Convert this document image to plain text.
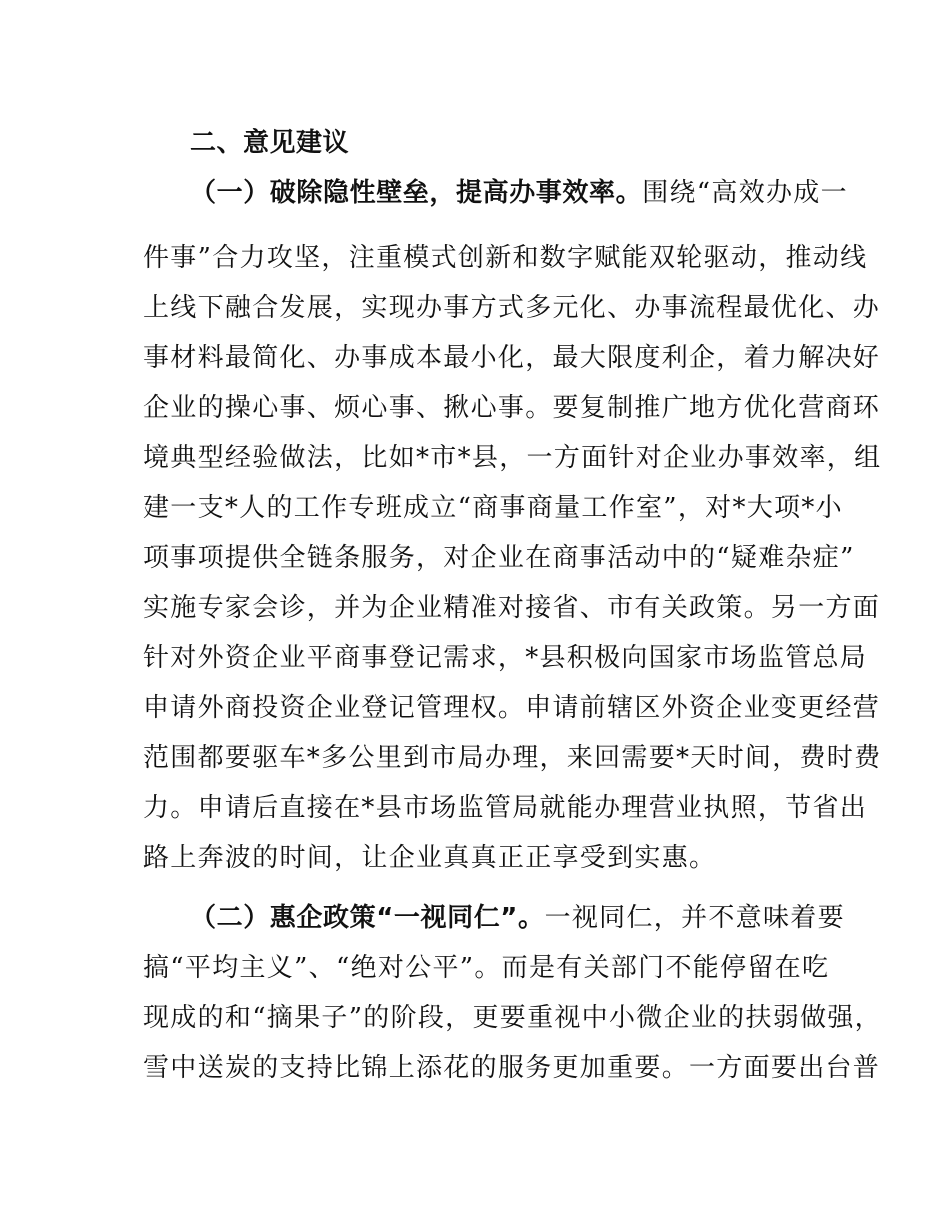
二、意见建议
（一）破除隐性壁垒，提高办事效率。围绕“高效办成一
件事”合力攻坚，注重模式创新和数字赋能双轮驱动，推动线
上线下融合发展，实现办事方式多元化、办事流程最优化、办
事材料最简化、办事成本最小化，最大限度利企，着力解决好
企业的操心事、烦心事、揪心事。要复制推广地方优化营商环
境典型经验做法，比如*市*县，一方面针对企业办事效率，组
建一支*人的工作专班成立“商事商量工作室”，对*大项*小
项事项提供全链条服务，对企业在商事活动中的“疑难杂症”
实施专家会诊，并为企业精准对接省、市有关政策。另一方面
针对外资企业平商事登记需求，*县积极向国家市场监管总局
申请外商投资企业登记管理权。申请前辖区外资企业变更经营
范围都要驱车*多公里到市局办理，来回需要*天时间，费时费
力。申请后直接在*县市场监管局就能办理营业执照，节省出
路上奔波的时间，让企业真真正正享受到实惠。
（二）惠企政策“一视同仁”。一视同仁，并不意味着要
搞“平均主义”、“绝对公平”。而是有关部门不能停留在吃
现成的和“摘果子”的阶段，更要重视中小微企业的扶弱做强，
雪中送炭的支持比锦上添花的服务更加重要。一方面要出台普
